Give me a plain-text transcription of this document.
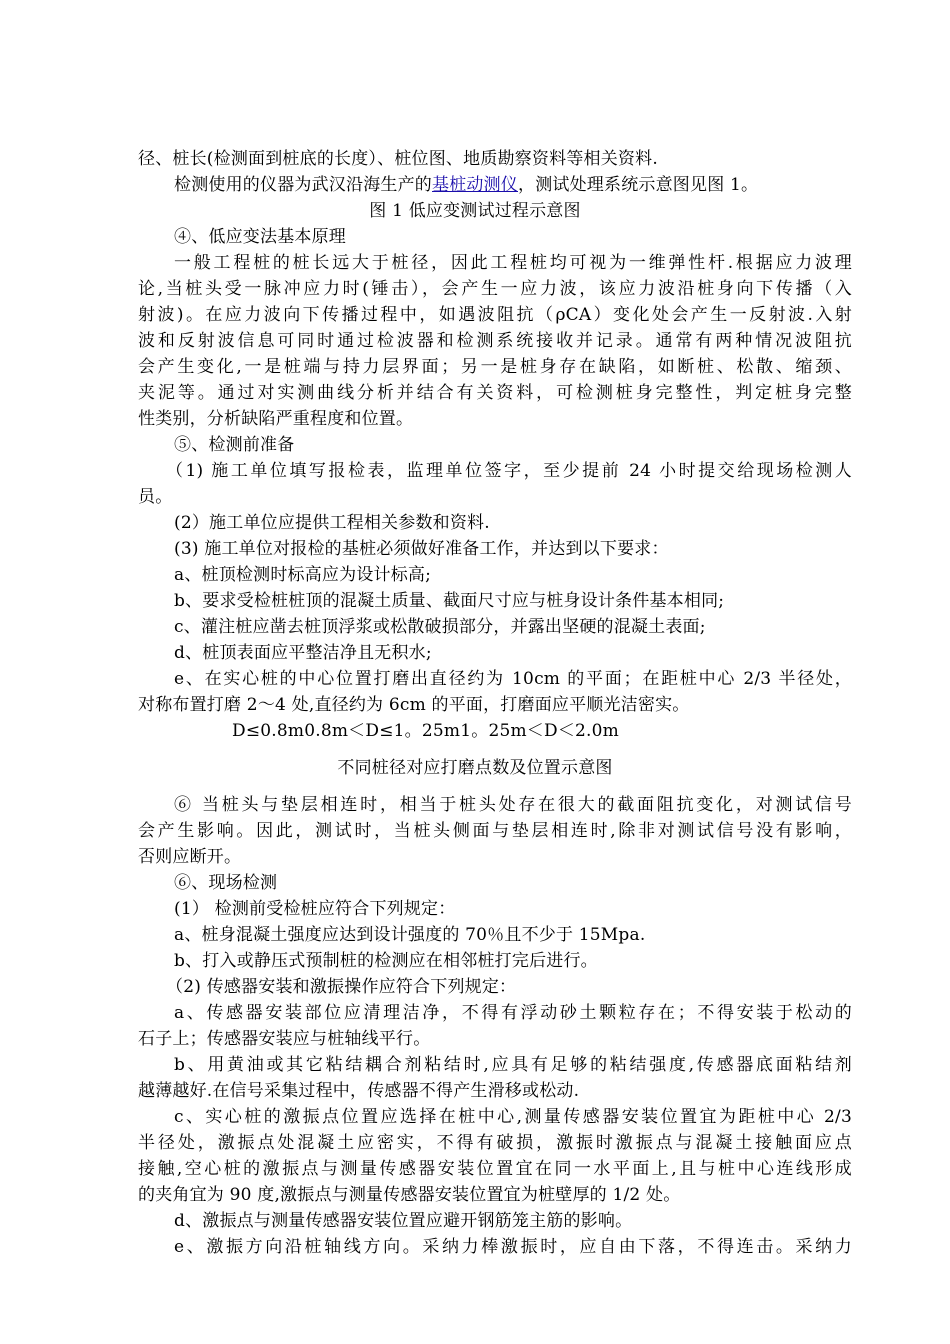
径、桩长(检测面到桩底的长度）、桩位图、地质勘察资料等相关资料.
检测使用的仪器为武汉沿海生产的基桩动测仪，测试处理系统示意图见图 1。
图 1 低应变测试过程示意图
④、低应变法基本原理
一般工程桩的桩长远大于桩径，因此工程桩均可视为一维弹性杆.根据应力波理
论,当桩头受一脉冲应力时(锤击），会产生一应力波，该应力波沿桩身向下传播（入
射波)。在应力波向下传播过程中，如遇波阻抗（ρCA）变化处会产生一反射波.入射
波和反射波信息可同时通过检波器和检测系统接收并记录。通常有两种情况波阻抗
会产生变化,一是桩端与持力层界面；另一是桩身存在缺陷，如断桩、松散、缩颈、
夹泥等。通过对实测曲线分析并结合有关资料，可检测桩身完整性，判定桩身完整
性类别，分析缺陷严重程度和位置。
⑤、检测前准备
（1) 施工单位填写报检表，监理单位签字，至少提前 24 小时提交给现场检测人
员。
(2）施工单位应提供工程相关参数和资料.
(3) 施工单位对报检的基桩必须做好准备工作，并达到以下要求：
a、桩顶检测时标高应为设计标高;
b、要求受检桩桩顶的混凝土质量、截面尺寸应与桩身设计条件基本相同;
c、灌注桩应凿去桩顶浮浆或松散破损部分，并露出坚硬的混凝土表面;
d、桩顶表面应平整洁净且无积水;
e、在实心桩的中心位置打磨出直径约为 10cm 的平面；在距桩中心 2/3 半径处，
对称布置打磨 2～4 处,直径约为 6cm 的平面，打磨面应平顺光洁密实。
D≤0.8m0.8m＜D≤1。25m1。25m＜D＜2.0m
不同桩径对应打磨点数及位置示意图
⑥ 当桩头与垫层相连时，相当于桩头处存在很大的截面阻抗变化，对测试信号
会产生影响。因此，测试时，当桩头侧面与垫层相连时,除非对测试信号没有影响，
否则应断开。
⑥、现场检测
(1） 检测前受检桩应符合下列规定：
a、桩身混凝土强度应达到设计强度的 70％且不少于 15Mpa.
b、打入或静压式预制桩的检测应在相邻桩打完后进行。
（2) 传感器安装和激振操作应符合下列规定：
a、传感器安装部位应清理洁净，不得有浮动砂土颗粒存在；不得安装于松动的
石子上；传感器安装应与桩轴线平行。
b、用黄油或其它粘结耦合剂粘结时,应具有足够的粘结强度,传感器底面粘结剂
越薄越好.在信号采集过程中，传感器不得产生滑移或松动.
c、实心桩的激振点位置应选择在桩中心,测量传感器安装位置宜为距桩中心 2/3
半径处，激振点处混凝土应密实，不得有破损，激振时激振点与混凝土接触面应点
接触,空心桩的激振点与测量传感器安装位置宜在同一水平面上,且与桩中心连线形成
的夹角宜为 90 度,激振点与测量传感器安装位置宜为桩壁厚的 1/2 处。
d、激振点与测量传感器安装位置应避开钢筋笼主筋的影响。
e、激振方向沿桩轴线方向。采纳力棒激振时，应自由下落，不得连击。采纳力
